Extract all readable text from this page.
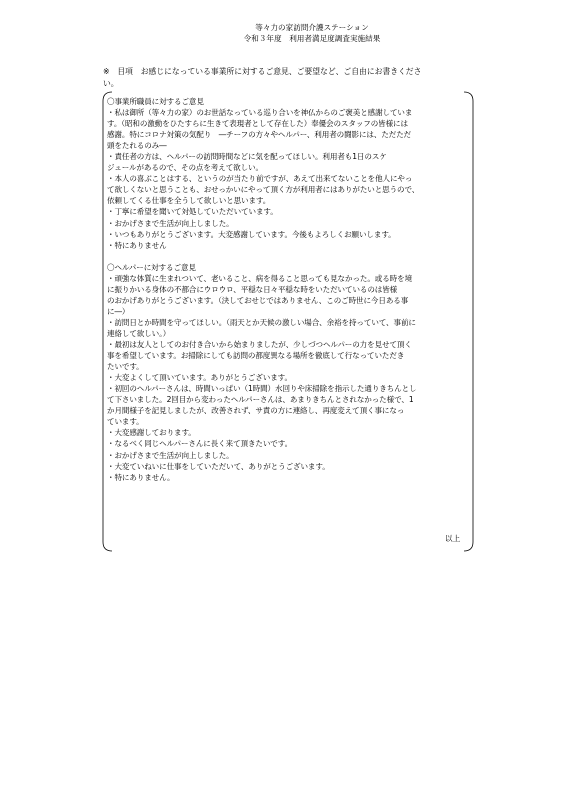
等々力の家訪問介護ステーション
令和３年度　利用者満足度調査実施結果
※　目項　お感じになっている事業所に対するご意見、ご要望など、ご自由にお書きくださ
い。
〇事業所職員に対するご意見
・私は御所（等々力の家）のお世話なっている巡り合いを神仏からのご褒美と感謝していま
す。（昭和の激動をひたすらに生きて表現者として存在した）奉優会のスタッフの皆様には
感謝。特にコロナ対策の気配り　―チーフの方々やヘルパー、利用者の闘影には、ただただ
頭をたれるのみ―
・責任者の方は、ヘルパーの訪問時間などに気を配ってほしい。利用者も1日のスケ
ジュールがあるので、その点を考えて欲しい。
・本人の喜ぶことはする、というのが当たり前ですが、あえて出来てないことを他人にやっ
て欲しくないと思うことも、おせっかいにやって頂く方が利用者にはありがたいと思うので、
依頼してくる仕事を全うして欲しいと思います。
・丁寧に希望を聞いて対処していただいています。
・おかげさまで生活が向上しました。
・いつもありがとうございます。大変感謝しています。今後もよろしくお願いします。
・特にありません
〇ヘルパーに対するご意見
・頑強な体質に生まれついて、老いること、病を得ること思っても見なかった。或る時を境
に振りかいる身体の不都合にウロウロ、平穏な日々平穏な時をいただいているのは皆様
のおかげありがとうございます。（決しておせじではありません、このご時世に今日ある事
に―）
・訪問日とか時間を守ってほしい。（雨天とか天候の激しい場合、余裕を持っていて、事前に
連絡して欲しい。）
・最初は友人としてのお付き合いから始まりましたが、少しづつヘルパーの力を見せて頂く
事を希望しています。お掃除にしても訪問の都度異なる場所を徹底して行なっていただき
たいです。
・大変よくして頂いています。ありがとうございます。
・初回のヘルパーさんは、時間いっぱい（1時間）水回りや床掃除を指示した通りきちんとし
て下さいました。2回目から変わったヘルパーさんは、あまりきちんとされなかった様で、1
か月間様子を記見しましたが、改善されず、サ責の方に連絡し、再度変えて頂く事になっ
ています。
・大変感謝しております。
・なるべく同じヘルパーさんに長く来て頂きたいです。
・おかげさまで生活が向上しました。
・大変ていねいに仕事をしていただいて、ありがとうございます。
・特にありません。
以上
